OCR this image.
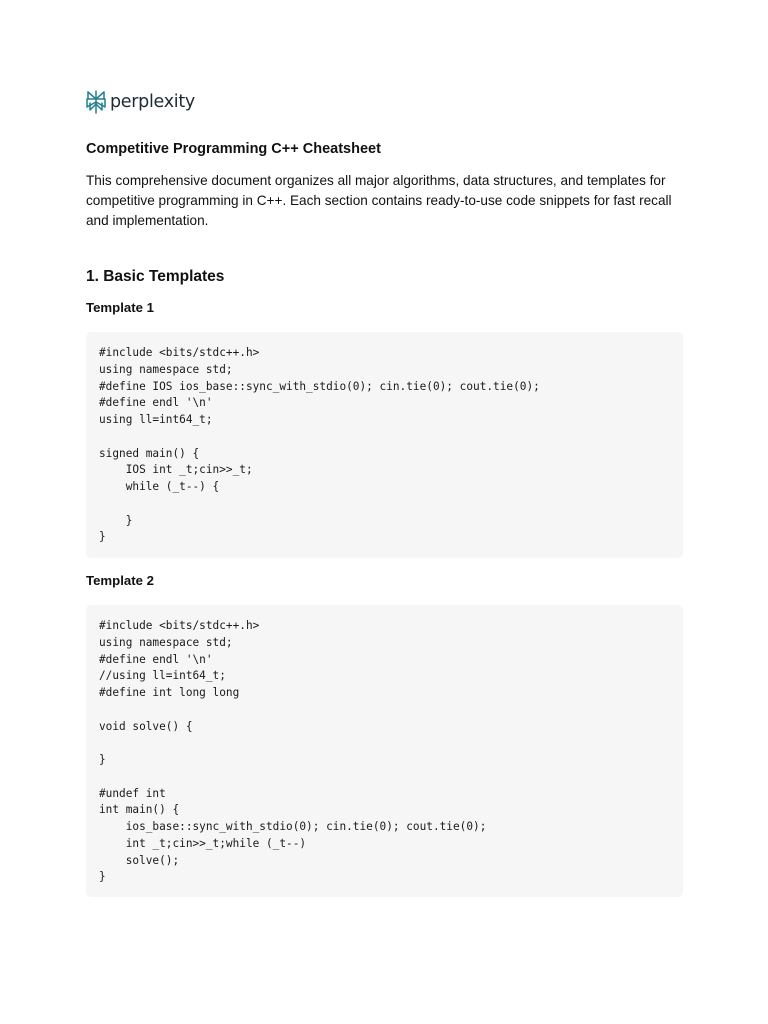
perplexity
Competitive Programming C++ Cheatsheet

This comprehensive document organizes all major algorithms, data structures, and templates for competitive programming in C++. Each section contains ready-to-use code snippets for fast recall and implementation.

1. Basic Templates
Template 1
#include <bits/stdc++.h>
using namespace std;
#define IOS ios_base::sync_with_stdio(0); cin.tie(0); cout.tie(0);
#define endl '\n'
using ll=int64_t;

signed main() {
IOS int _t;cin>>_t;
while (_t--) {

}
}
Template 2
#include <bits/stdc++.h>
using namespace std;
#define endl '\n'
//using ll=int64_t;
#define int long long

void solve() {

}

#undef int
int main() {
ios_base::sync_with_stdio(0); cin.tie(0); cout.tie(0);
int _t;cin>>_t;while (_t--)
solve();
}
